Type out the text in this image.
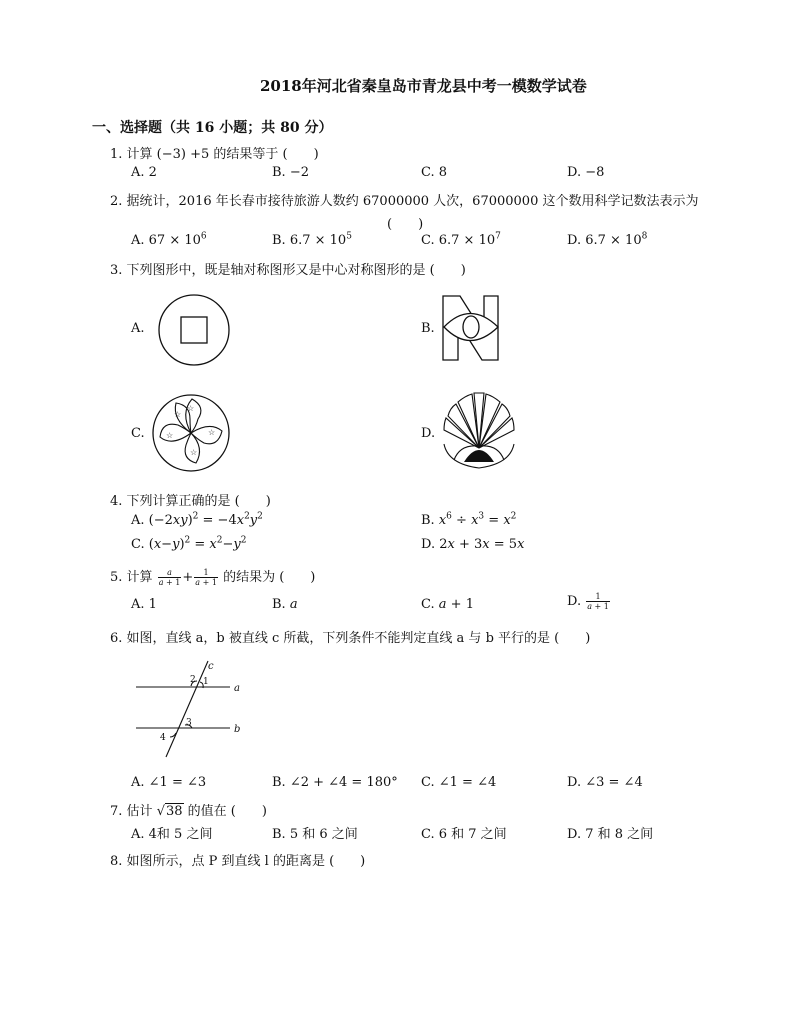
2018年河北省秦皇岛市青龙县中考一模数学试卷
一、选择题（共 16 小题；共 80 分）
1. 计算 (−3) +5 的结果等于 (　　)
A. 2	B. −2	C. 8	D. −8
2. 据统计，2016 年长春市接待旅游人数约 67000000 人次，67000000 这个数用科学记数法表示为
(　　)
A. $67 \times 10^6$	B. $6.7 \times 10^5$	C. $6.7 \times 10^7$	D. $6.7 \times 10^8$
3. 下列图形中，既是轴对称图形又是中心对称图形的是 (　　)
A.	B.
C.
☆
☆
☆
☆
☆
D.
4. 下列计算正确的是 (　　)
A. $(-2xy)^2 = -4x^2y^2$	B. $x^6 \div x^3 = x^2$
C. $(x-y)^2 = x^2-y^2$	D. 2x + 3x = 5x
5. 计算 $\frac{a}{a + 1} + \frac{1}{a + 1}$ 的结果为 (　　)
A. 1	B. a	C. a + 1	D. $\frac{1}{a + 1}$
6. 如图，直线 a，b 被直线 c 所截，下列条件不能判定直线 a 与 b 平行的是 (　　)
c
a
b
1
2
3
4
A. ∠1 = ∠3	B. ∠2 + ∠4 = 180° C. ∠1 = ∠4	D. ∠3 = ∠4
7. 估计 √38 的值在 (　　)
A. 4和 5 之间	B. 5 和 6 之间	C. 6 和 7 之间	D. 7 和 8 之间
8. 如图所示，点 P 到直线 l 的距离是 (　　)
